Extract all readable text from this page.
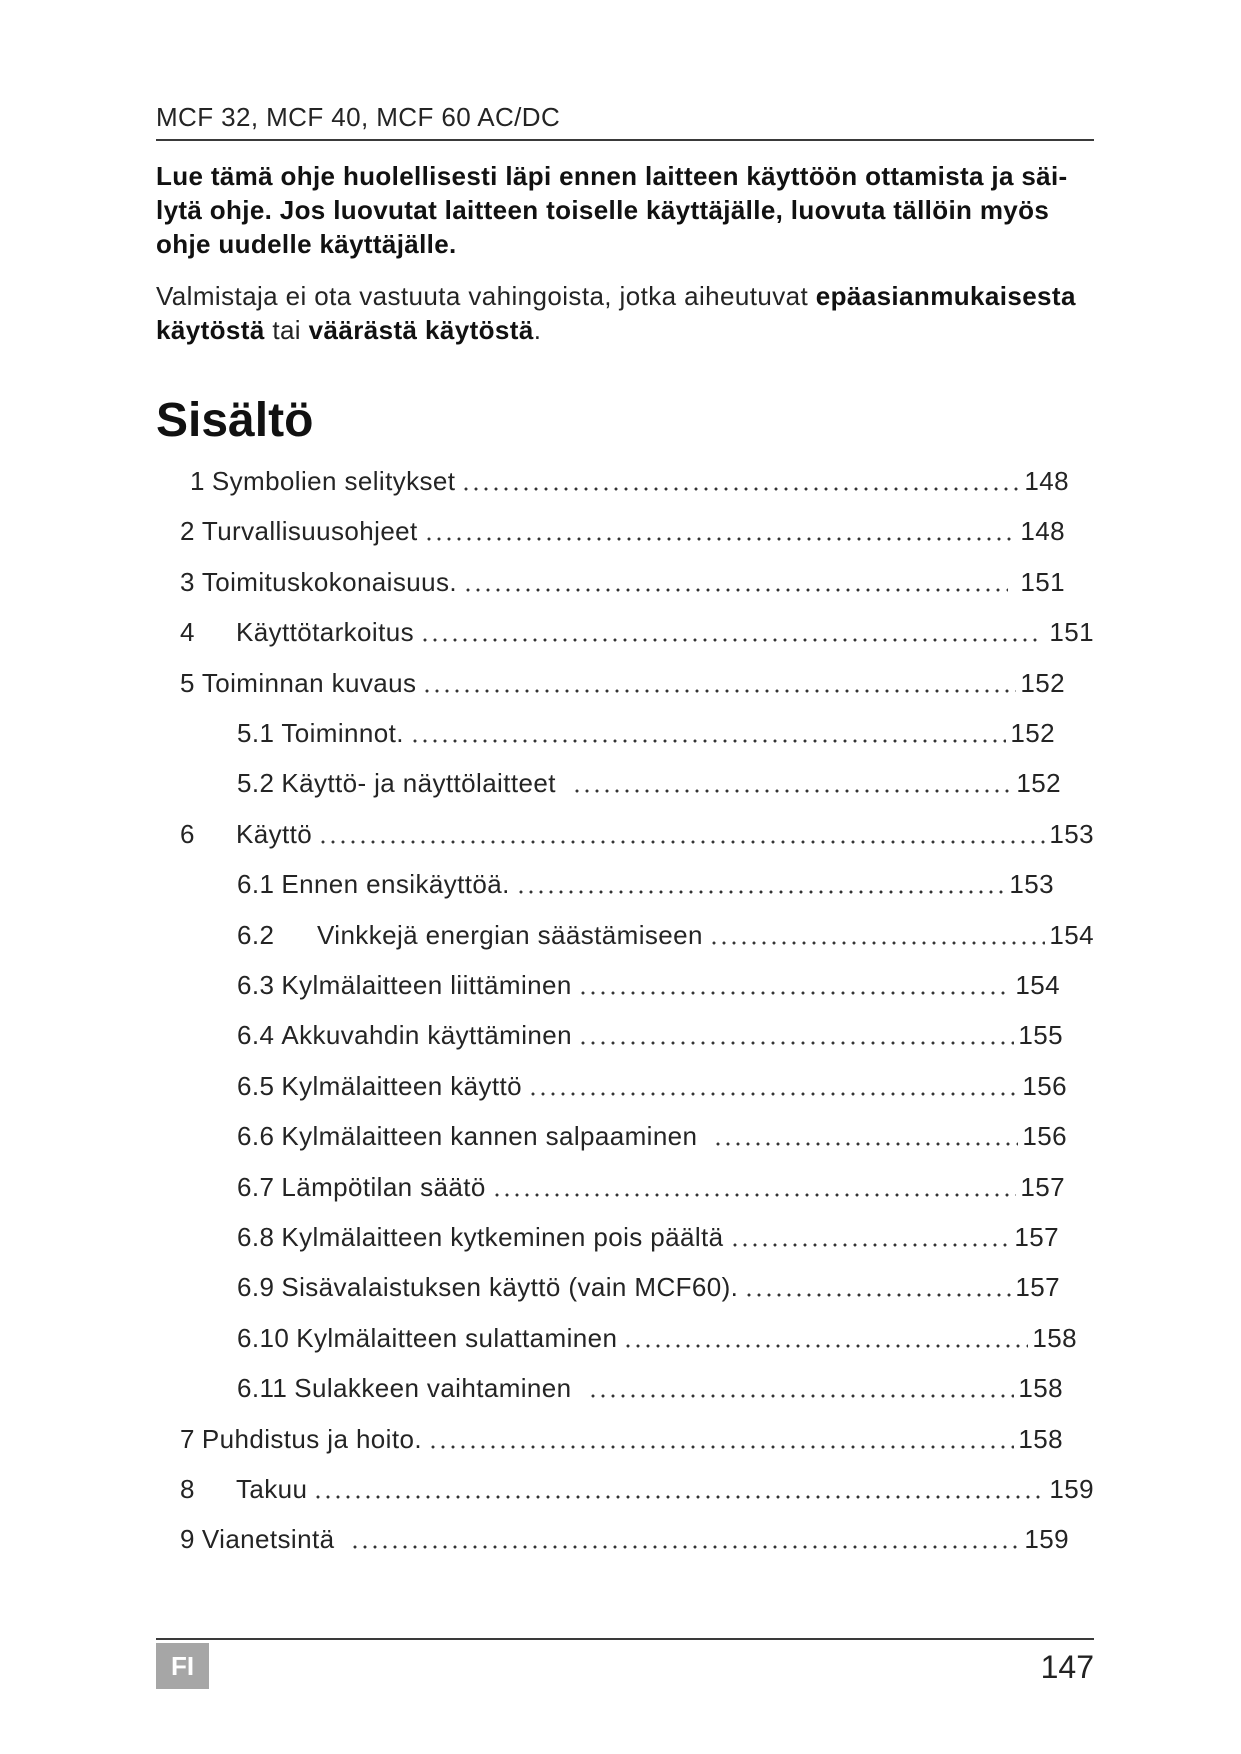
MCF 32, MCF 40, MCF 60 AC/DC
Lue tämä ohje huolellisesti läpi ennen laitteen käyttöön ottamista ja säi-
lytä ohje. Jos luovutat laitteen toiselle käyttäjälle, luovuta tällöin myös
ohje uudelle käyttäjälle.
Valmistaja ei ota vastuuta vahingoista, jotka aiheutuvat epäasianmukaisesta
käytöstä tai väärästä käytöstä.
Sisältö
1 Symbolien selitykset	148
2 Turvallisuusohjeet	148
3 Toimituskokonaisuus.	151
4	Käyttötarkoitus	151
5 Toiminnan kuvaus	152
5.1 Toiminnot.	152
5.2 Käyttö- ja näyttölaitteet	152
6	Käyttö	153
6.1 Ennen ensikäyttöä.	153
6.2	Vinkkejä energian säästämiseen	154
6.3 Kylmälaitteen liittäminen	154
6.4 Akkuvahdin käyttäminen	155
6.5 Kylmälaitteen käyttö	156
6.6 Kylmälaitteen kannen salpaaminen	156
6.7 Lämpötilan säätö	157
6.8 Kylmälaitteen kytkeminen pois päältä	157
6.9 Sisävalaistuksen käyttö (vain MCF60).	157
6.10 Kylmälaitteen sulattaminen	158
6.11 Sulakkeen vaihtaminen	158
7 Puhdistus ja hoito.	158
8	Takuu	159
9 Vianetsintä	159
FI	147
